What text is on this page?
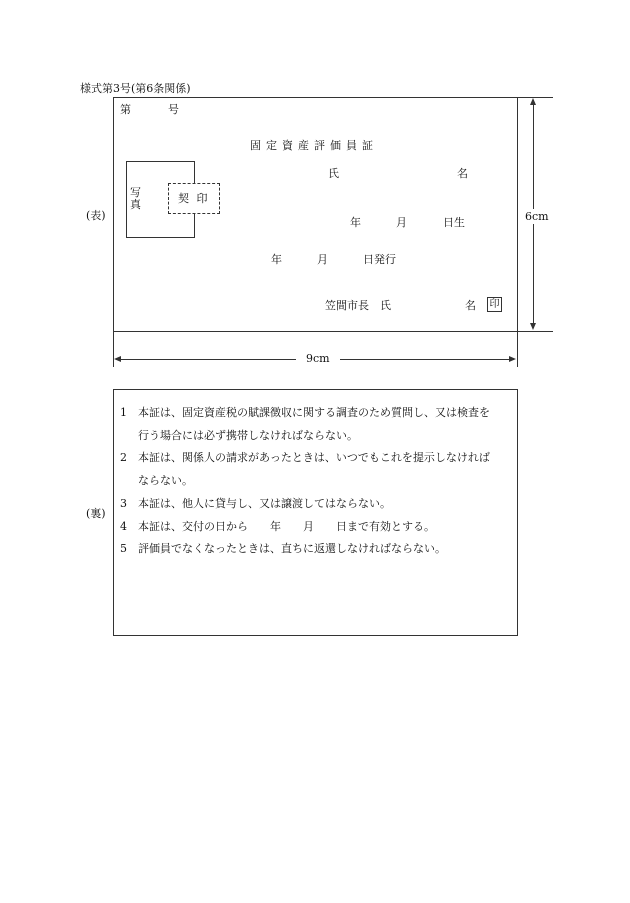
様式第3号(第6条関係)
(表)
第	号
固定資産評価員証
氏	名
写真	契 印
年	月	日生
年	月	日発行
笠間市長　氏	名 印
6cm
9cm
(裏)
1 本証は、固定資産税の賦課徴収に関する調査のため質問し、又は検査を
行う場合には必ず携帯しなければならない。
2 本証は、関係人の請求があったときは、いつでもこれを提示しなければ
ならない。
3 本証は、他人に貸与し、又は譲渡してはならない。
4 本証は、交付の日から　　年　　月　　日まで有効とする。
5 評価員でなくなったときは、直ちに返還しなければならない。
